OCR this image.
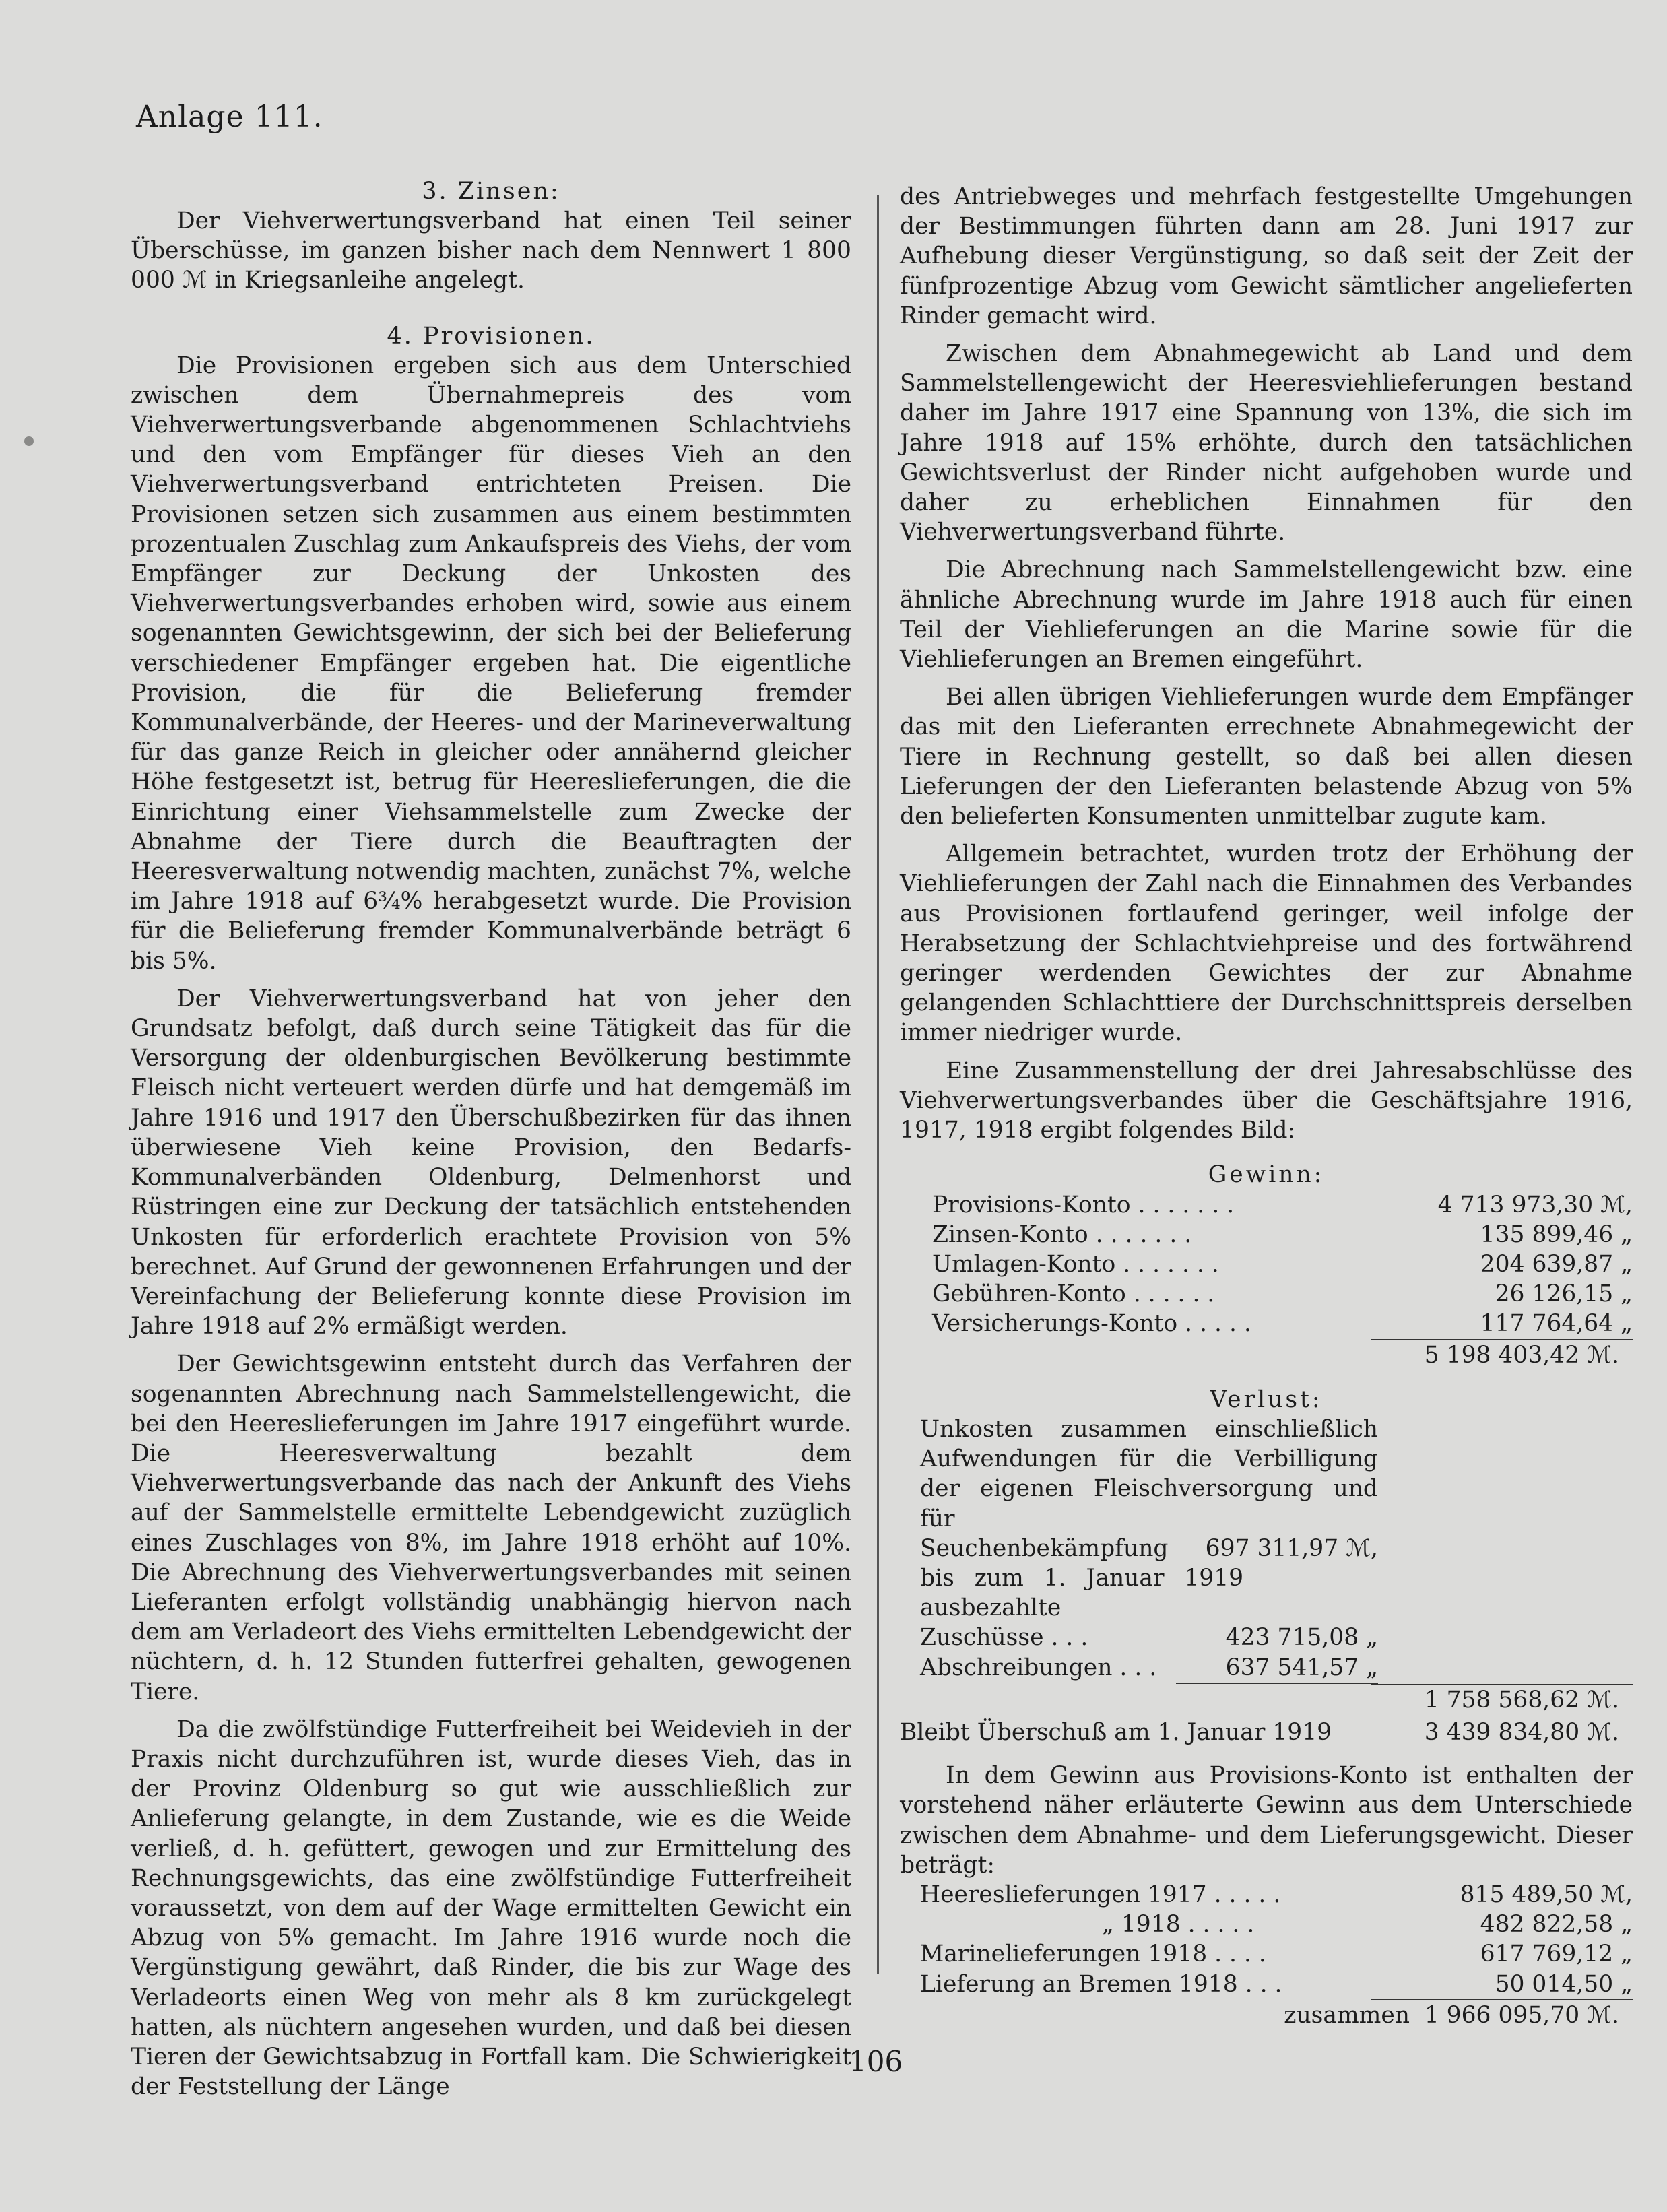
Anlage 111.
3. Zinsen:

Der Viehverwertungsverband hat einen Teil seiner Überschüsse, im ganzen bisher nach dem Nennwert 1 800 000 ℳ in Kriegsanleihe angelegt.

4. Provisionen.

Die Provisionen ergeben sich aus dem Unterschied zwischen dem Übernahmepreis des vom Viehverwertungsverbande abgenommenen Schlachtviehs und den vom Empfänger für dieses Vieh an den Viehverwertungsverband entrichteten Preisen. Die Provisionen setzen sich zusammen aus einem bestimmten prozentualen Zuschlag zum Ankaufspreis des Viehs, der vom Empfänger zur Deckung der Unkosten des Viehverwertungsverbandes erhoben wird, sowie aus einem sogenannten Gewichtsgewinn, der sich bei der Belieferung verschiedener Empfänger ergeben hat. Die eigentliche Provision, die für die Belieferung fremder Kommunalverbände, der Heeres- und der Marineverwaltung für das ganze Reich in gleicher oder annähernd gleicher Höhe festgesetzt ist, betrug für Heereslieferungen, die die Einrichtung einer Viehsammelstelle zum Zwecke der Abnahme der Tiere durch die Beauftragten der Heeresverwaltung notwendig machten, zunächst 7%, welche im Jahre 1918 auf 6¾% herabgesetzt wurde. Die Provision für die Belieferung fremder Kommunalverbände beträgt 6 bis 5%.

Der Viehverwertungsverband hat von jeher den Grundsatz befolgt, daß durch seine Tätigkeit das für die Versorgung der oldenburgischen Bevölkerung bestimmte Fleisch nicht verteuert werden dürfe und hat demgemäß im Jahre 1916 und 1917 den Überschußbezirken für das ihnen überwiesene Vieh keine Provision, den Bedarfs-Kommunalverbänden Oldenburg, Delmenhorst und Rüstringen eine zur Deckung der tatsächlich entstehenden Unkosten für erforderlich erachtete Provision von 5% berechnet. Auf Grund der gewonnenen Erfahrungen und der Vereinfachung der Belieferung konnte diese Provision im Jahre 1918 auf 2% ermäßigt werden.

Der Gewichtsgewinn entsteht durch das Verfahren der sogenannten Abrechnung nach Sammelstellengewicht, die bei den Heereslieferungen im Jahre 1917 eingeführt wurde. Die Heeresverwaltung bezahlt dem Viehverwertungsverbande das nach der Ankunft des Viehs auf der Sammelstelle ermittelte Lebendgewicht zuzüglich eines Zuschlages von 8%, im Jahre 1918 erhöht auf 10%. Die Abrechnung des Viehverwertungsverbandes mit seinen Lieferanten erfolgt vollständig unabhängig hiervon nach dem am Verladeort des Viehs ermittelten Lebendgewicht der nüchtern, d. h. 12 Stunden futterfrei gehalten, gewogenen Tiere.

Da die zwölfstündige Futterfreiheit bei Weidevieh in der Praxis nicht durchzuführen ist, wurde dieses Vieh, das in der Provinz Oldenburg so gut wie ausschließlich zur Anlieferung gelangte, in dem Zustande, wie es die Weide verließ, d. h. gefüttert, gewogen und zur Ermittelung des Rechnungsgewichts, das eine zwölfstündige Futterfreiheit voraussetzt, von dem auf der Wage ermittelten Gewicht ein Abzug von 5% gemacht. Im Jahre 1916 wurde noch die Vergünstigung gewährt, daß Rinder, die bis zur Wage des Verladeorts einen Weg von mehr als 8 km zurückgelegt hatten, als nüchtern angesehen wurden, und daß bei diesen Tieren der Gewichtsabzug in Fortfall kam. Die Schwierigkeit der Feststellung der Länge

des Antriebweges und mehrfach festgestellte Umgehungen der Bestimmungen führten dann am 28. Juni 1917 zur Aufhebung dieser Vergünstigung, so daß seit der Zeit der fünfprozentige Abzug vom Gewicht sämtlicher angelieferten Rinder gemacht wird.

Zwischen dem Abnahmegewicht ab Land und dem Sammelstellengewicht der Heeresviehlieferungen bestand daher im Jahre 1917 eine Spannung von 13%, die sich im Jahre 1918 auf 15% erhöhte, durch den tatsächlichen Gewichtsverlust der Rinder nicht aufgehoben wurde und daher zu erheblichen Einnahmen für den Viehverwertungsverband führte.

Die Abrechnung nach Sammelstellengewicht bzw. eine ähnliche Abrechnung wurde im Jahre 1918 auch für einen Teil der Viehlieferungen an die Marine sowie für die Viehlieferungen an Bremen eingeführt.

Bei allen übrigen Viehlieferungen wurde dem Empfänger das mit den Lieferanten errechnete Abnahmegewicht der Tiere in Rechnung gestellt, so daß bei allen diesen Lieferungen der den Lieferanten belastende Abzug von 5% den belieferten Konsumenten unmittelbar zugute kam.

Allgemein betrachtet, wurden trotz der Erhöhung der Viehlieferungen der Zahl nach die Einnahmen des Verbandes aus Provisionen fortlaufend geringer, weil infolge der Herabsetzung der Schlachtviehpreise und des fortwährend geringer werdenden Gewichtes der zur Abnahme gelangenden Schlachttiere der Durchschnittspreis derselben immer niedriger wurde.

Eine Zusammenstellung der drei Jahresabschlüsse des Viehverwertungsverbandes über die Geschäftsjahre 1916, 1917, 1918 ergibt folgendes Bild:

Gewinn:
Provisions-Konto . . . . . . .	4 713 973,30 ℳ,
Zinsen-Konto . . . . . . .	135 899,46 „
Umlagen-Konto . . . . . . .	204 639,87 „
Gebühren-Konto . . . . . .	26 126,15 „
Versicherungs-Konto . . . . .	117 764,64 „
5 198 403,42 ℳ.
Verlust:
Unkosten zusammen einschließlich Aufwendungen für die Verbilligung der eigenen Fleischversorgung und für
Seuchenbekämpfung 697 311,97 ℳ,
bis zum 1. Januar 1919 ausbezahlte
Zuschüsse . . .	423 715,08 „
Abschreibungen . . .	637 541,57 „
1 758 568,62 ℳ.
Bleibt Überschuß am 1. Januar 1919	3 439 834,80 ℳ.

In dem Gewinn aus Provisions-Konto ist enthalten der vorstehend näher erläuterte Gewinn aus dem Unterschiede zwischen dem Abnahme- und dem Lieferungsgewicht. Dieser beträgt:

Heereslieferungen 1917 . . . . .	815 489,50 ℳ,
„ 1918 . . . . .	482 822,58 „
Marinelieferungen 1918 . . . .	617 769,12 „
Lieferung an Bremen 1918 . . .	50 014,50 „
zusammen 1 966 095,70 ℳ.
106
